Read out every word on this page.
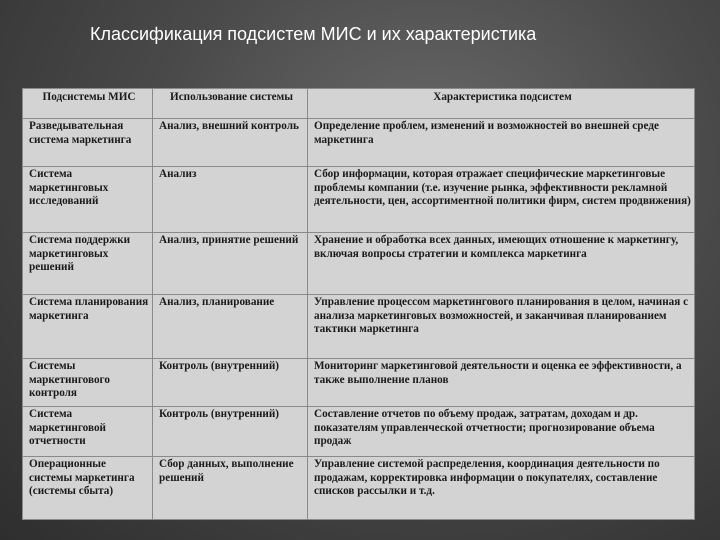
Классификация подсистем МИС и их характеристика
Подсистемы МИС	Использование системы	Характеристика подсистем
Разведывательная система маркетинга	Анализ, внешний контроль	Определение проблем, изменений и возможностей во внешней среде маркетинга
Система маркетинговых исследований	Анализ	Сбор информации, которая отражает специфические маркетинговые проблемы компании (т.е. изучение рынка, эффективности рекламной деятельности, цен, ассортиментной политики фирм, систем продвижения)
Система поддержки маркетинговых решений	Анализ, принятие решений	Хранение и обработка всех данных, имеющих отношение к маркетингу, включая вопросы стратегии и комплекса маркетинга
Система планирования маркетинга	Анализ, планирование	Управление процессом маркетингового планирования в целом, начиная с анализа маркетинговых возможностей, и заканчивая планированием тактики маркетинга
Системы маркетингового контроля	Контроль (внутренний)	Мониторинг маркетинговой деятельности и оценка ее эффективности, а также выполнение планов
Система маркетинговой отчетности	Контроль (внутренний)	Составление отчетов по объему продаж, затратам, доходам и др. показателям управленческой отчетности; прогнозирование объема продаж
Операционные системы маркетинга (системы сбыта)	Сбор данных, выполнение решений	Управление системой распределения, координация деятельности по продажам, корректировка информации о покупателях, составление списков рассылки и т.д.
